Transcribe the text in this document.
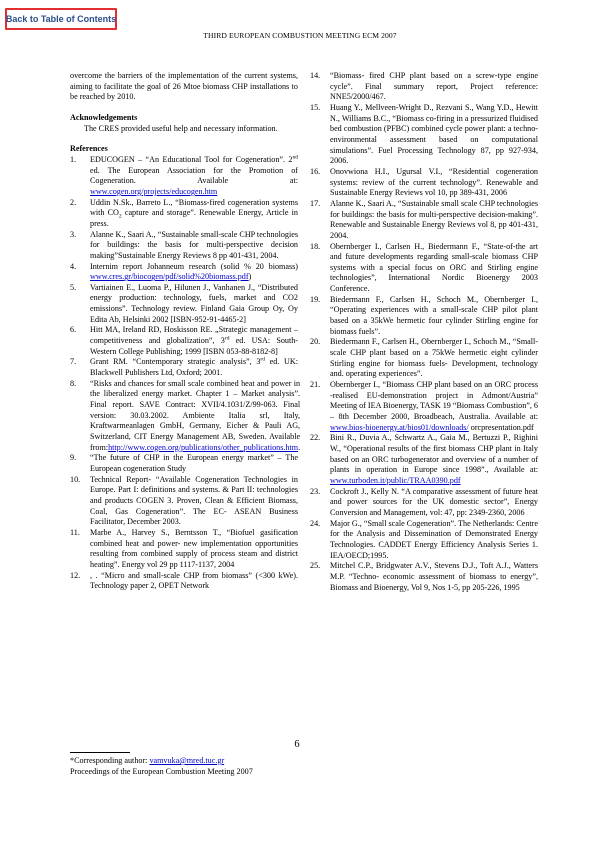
Back to Table of Contents
THIRD EUROPEAN COMBUSTION MEETING ECM 2007

overcome the barriers of the implementation of the current systems, aiming to facilitate the goal of 26 Mtoe biomass CHP installations to be reached by 2010.

Acknowledgements

The CRES provided useful help and necessary information.

References

1.	EDUCOGEN – “An Educational Tool for Cogeneration”. 2nd ed. The European Association for the Promotion of Cogeneration. Available at: www.cogen.org/projects/educogen.htm
2.	Uddin N.Sk., Barreto L., “Biomass-fired cogeneration systems with $CO_2$ capture and storage”. Renewable Energy, Article in press.
3.	Alanne K., Saari A., “Sustainable small-scale CHP technologies for buildings: the basis for multi-perspective decision making”Sustainable Energy Reviews 8 pp 401-431, 2004.
4.	Internim report Johanneum research (solid % 20 biomass) www.cres.gr/biocogen/pdf/solid%20biomass.pdf)
5.	Vartiainen E., Luoma P., Hilunen J., Vanhanen J., “Distributed energy production: technology, fuels, market and CO2 emissions”. Technology review. Finland Gaia Group Oy, Oy Edita Ab, Helsinki 2002 [ISBN-952-91-4465-2]
6.	Hitt MA, Ireland RD, Hoskisson RE. „Strategic management – competitiveness and globalization”, 3rd ed. USA: South-Western College Publishing; 1999 [ISBN 053-88-8182-8]
7.	Grant RM. “Contemporary strategic analysis”, 3rd ed. UK: Blackwell Publishers Ltd, Oxford; 2001.
8.	“Risks and chances for small scale combined heat and power in the liberalized energy market. Chapter 1 – Market analysis”. Final report. SAVE Contract: XVII/4.1031/Z/99-063. Final version: 30.03.2002. Ambiente Italia srl, Italy, Kraftwarmeanlagen GmbH, Germany, Eicher & Pauli AG, Switzerland, CIT Energy Management AB, Sweden. Available from:http://www.cogen.org/publications/other_publications.htm.
9.	“The future of CHP in the European energy market” – The European cogeneration Study
10.	Technical Report- “Available Cogeneration Technologies in Europe. Part I: definitions and systems. & Part II: technologies and products COGEN 3. Proven, Clean & Efficient Biomass, Coal, Gas Cogeneration”. The EC- ASEAN Business Facilitator, December 2003.
11.	Marbe A., Harvey S., Berntsson T., “Biofuel gasification combined heat and power- new implementation opportunities resulting from combined supply of process steam and district heating”. Energy vol 29 pp 1117-1137, 2004
12.	, . “Micro and small-scale CHP from biomass” (<300 kWe). Technology paper 2, OPET Network
14.	“Biomass- fired CHP plant based on a screw-type engine cycle”. Final summary report, Project reference: NNE5/2000/467.
15.	Huang Y., Mellveen-Wright D., Rezvani S., Wang Y.D., Hewitt N., Williams B.C., “Biomass co-firing in a pressurized fluidised bed combustion (PFBC) combined cycle power plant: a techno-environmental assessment based on computational simulations”. Fuel Processing Technology 87, pp 927-934, 2006.
16.	Onovwiona H.I., Ugursal V.I., “Residential cogeneration systems: review of the current technology”. Renewable and Sustainable Energy Reviews vol 10, pp 389-431, 2006
17.	Alanne K., Saari A., “Sustainable small scale CHP technologies for buildings: the basis for multi-perspective decision-making”. Renewable and Sustainable Energy Reviews vol 8, pp 401-431, 2004.
18.	Obernberger I., Carlsen H., Biedermann F., “State-of-the art and future developments regarding small-scale biomass CHP systems with a special focus on ORC and Stirling engine technologies”, International Nordic Bioenergy 2003 Conference.
19.	Biedermann F., Carlsen H., Schoch M., Obernberger I., “Operating experiences with a small-scale CHP pilot plant based on a 35kWe hermetic four cylinder Stirling engine for biomass fuels”.
20.	Biedermann F., Carlsen H., Obernberger I., Schoch M., “Small-scale CHP plant based on a 75kWe hermetic eight cylinder Stirling engine for biomass fuels- Development, technology and. operating experiences”.
21.	Obernberger I., “Biomass CHP plant based on an ORC process -realised EU-demonstration project in Admont/Austria” Meeting of IEA Bioenergy, TASK 19 “Biomass Combustion”, 6 – 8th December 2000, Broadbeach, Australia. Available at: www.bios-bioenergy.at/bios01/downloads/ orcpresentation.pdf
22.	Bini R., Duvia A., Schwartz A., Gaia M., Bertuzzi P., Righini W., “Operational results of the first biomass CHP plant in Italy based on an ORC turbogenerator and overview of a number of plants in operation in Europe since 1998”., Available at: www.turboden.it/public/TRAA0390.pdf
23.	Cockroft J., Kelly N. “A comparative assessment of future heat and power sources for the UK domestic sector”, Energy Conversion and Management, vol: 47, pp: 2349-2360, 2006
24.	Major G., “Small scale Cogeneration”. The Netherlands: Centre for the Analysis and Dissemination of Demonstrated Energy Technologies. CADDET Energy Efficiency Analysis Series 1. IEA/OECD;1995.
25.	Mitchel C.P., Bridgwater A.V., Stevens D.J., Toft A.J., Watters M.P. “Techno- economic assessment of biomass to energy”, Biomass and Bioenergy, Vol 9, Nos 1-5, pp 205-226, 1995
6
*Corresponding author: vamvuka@mred.tuc.gr
Proceedings of the European Combustion Meeting 2007
